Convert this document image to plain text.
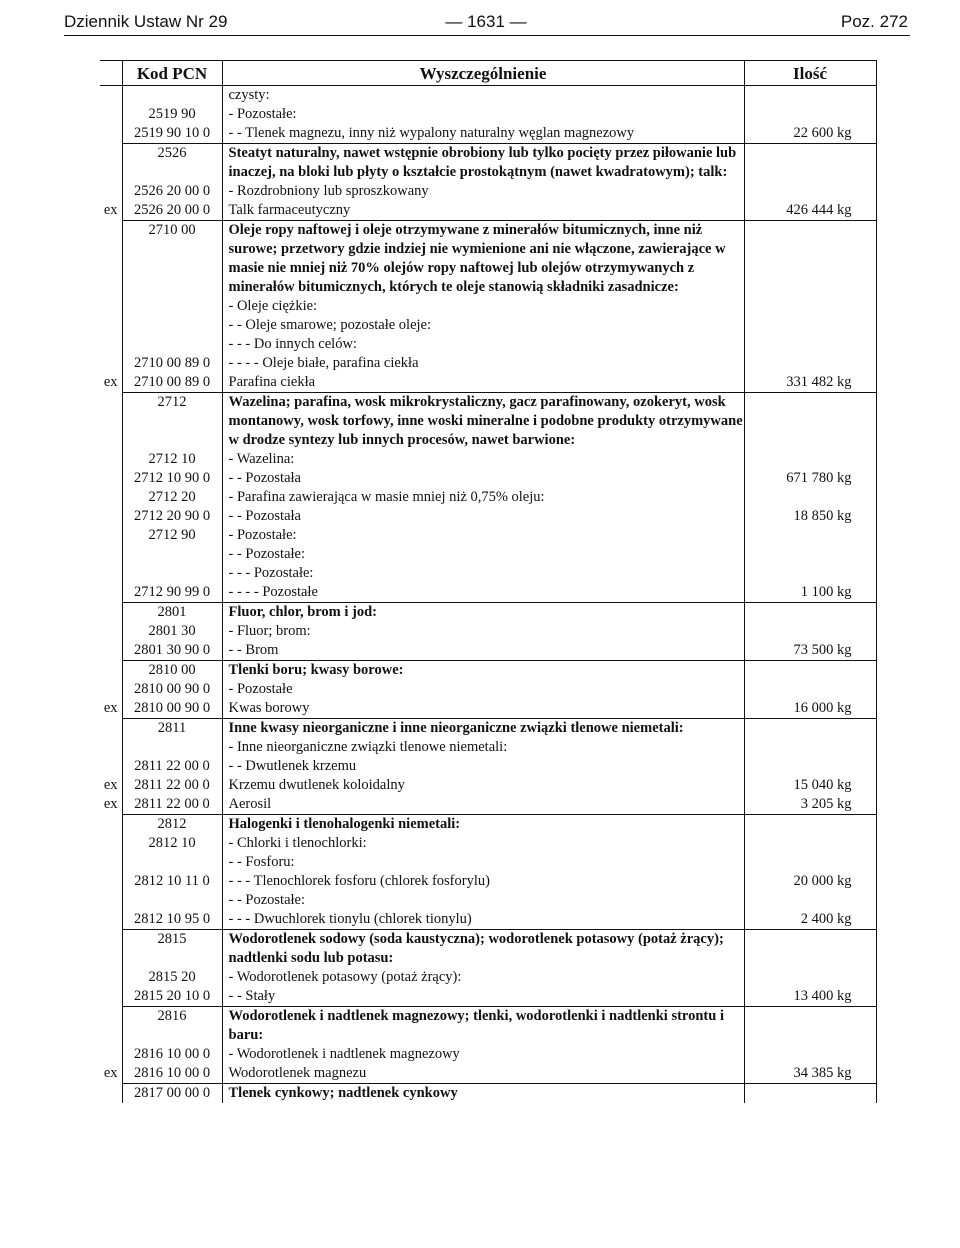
Dziennik Ustaw Nr 29	— 1631 —	Poz. 272
	Kod PCN	Wyszczególnienie	Ilość
		czysty:	
	2519 90	- Pozostałe:	
	2519 90 10 0	- - Tlenek magnezu, inny niż wypalony naturalny węglan magnezowy	22 600 kg
	2526	Steatyt naturalny, nawet wstępnie obrobiony lub tylko pocięty przez piłowanie lub inaczej, na bloki lub płyty o kształcie prostokątnym (nawet kwadratowym); talk:	
	2526 20 00 0	- Rozdrobniony lub sproszkowany	
ex	2526 20 00 0	Talk farmaceutyczny	426 444 kg
	2710 00	Oleje ropy naftowej i oleje otrzymywane z minerałów bitumicznych, inne niż surowe; przetwory gdzie indziej nie wymienione ani nie włączone, zawierające w masie nie mniej niż 70% olejów ropy naftowej lub olejów otrzymywanych z minerałów bitumicznych, których te oleje stanowią składniki zasadnicze:	
		- Oleje ciężkie:	
		- - Oleje smarowe; pozostałe oleje:	
		- - - Do innych celów:	
	2710 00 89 0	- - - - Oleje białe, parafina ciekła	
ex	2710 00 89 0	Parafina ciekła	331 482 kg
	2712	Wazelina; parafina, wosk mikrokrystaliczny, gacz parafinowany, ozokeryt, wosk montanowy, wosk torfowy, inne woski mineralne i podobne produkty otrzymywane w drodze syntezy lub innych procesów, nawet barwione:	
	2712 10	- Wazelina:	
	2712 10 90 0	- - Pozostała	671 780 kg
	2712 20	- Parafina zawierająca w masie mniej niż 0,75% oleju:	
	2712 20 90 0	- - Pozostała	18 850 kg
	2712 90	- Pozostałe:	
		- - Pozostałe:	
		- - - Pozostałe:	
	2712 90 99 0	- - - - Pozostałe	1 100 kg
	2801	Fluor, chlor, brom i jod:	
	2801 30	- Fluor; brom:	
	2801 30 90 0	- - Brom	73 500 kg
	2810 00	Tlenki boru; kwasy borowe:	
	2810 00 90 0	- Pozostałe	
ex	2810 00 90 0	Kwas borowy	16 000 kg
	2811	Inne kwasy nieorganiczne i inne nieorganiczne związki tlenowe niemetali:	
		- Inne nieorganiczne związki tlenowe niemetali:	
	2811 22 00 0	- - Dwutlenek krzemu	
ex	2811 22 00 0	Krzemu dwutlenek koloidalny	15 040 kg
ex	2811 22 00 0	Aerosil	3 205 kg
	2812	Halogenki i tlenohalogenki niemetali:	
	2812 10	- Chlorki i tlenochlorki:	
		- - Fosforu:	
	2812 10 11 0	- - - Tlenochlorek fosforu (chlorek fosforylu)	20 000 kg
		- - Pozostałe:	
	2812 10 95 0	- - - Dwuchlorek tionylu (chlorek tionylu)	2 400 kg
	2815	Wodorotlenek sodowy (soda kaustyczna); wodorotlenek potasowy (potaż żrący); nadtlenki sodu lub potasu:	
	2815 20	- Wodorotlenek potasowy (potaż żrący):	
	2815 20 10 0	- - Stały	13 400 kg
	2816	Wodorotlenek i nadtlenek magnezowy; tlenki, wodorotlenki i nadtlenki strontu i baru:	
	2816 10 00 0	- Wodorotlenek i nadtlenek magnezowy	
ex	2816 10 00 0	Wodorotlenek magnezu	34 385 kg
	2817 00 00 0	Tlenek cynkowy; nadtlenek cynkowy	
